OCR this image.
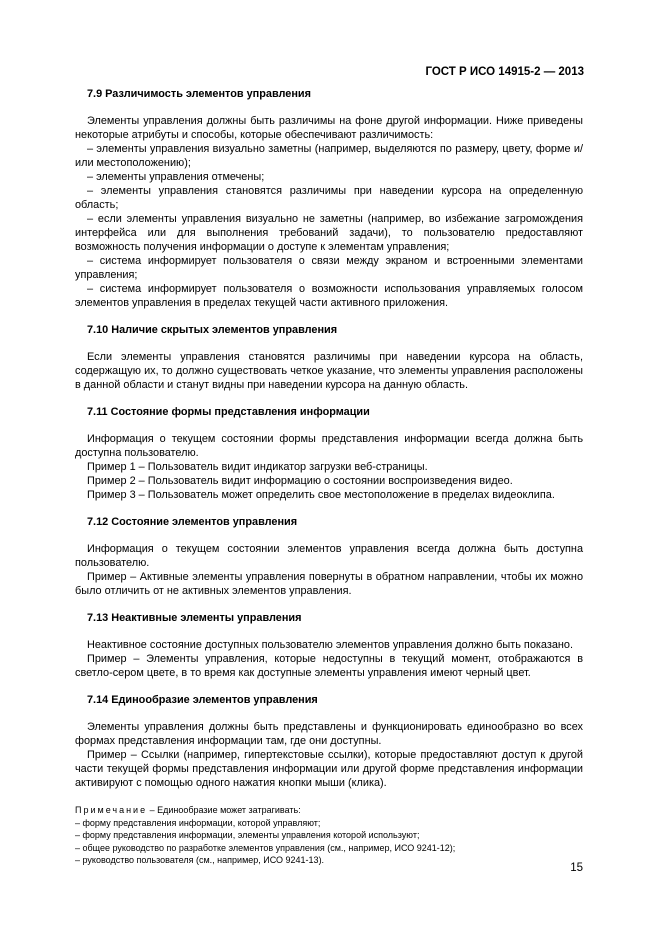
ГОСТ Р ИСО 14915-2 — 2013
7.9 Различимость элементов управления

Элементы управления должны быть различимы на фоне другой информации. Ниже приведены некоторые атрибуты и способы, которые обеспечивают различимость:

– элементы управления визуально заметны (например, выделяются по размеру, цвету, форме и/или местоположению);

– элементы управления отмечены;

– элементы управления становятся различимы при наведении курсора на определенную область;

– если элементы управления визуально не заметны (например, во избежание загромождения интерфейса или для выполнения требований задачи), то пользователю предоставляют возможность получения информации о доступе к элементам управления;

– система информирует пользователя о связи между экраном и встроенными элементами управления;

– система информирует пользователя о возможности использования управляемых голосом элементов управления в пределах текущей части активного приложения.

7.10 Наличие скрытых элементов управления

Если элементы управления становятся различимы при наведении курсора на область, содержащую их, то должно существовать четкое указание, что элементы управления расположены в данной области и станут видны при наведении курсора на данную область.

7.11 Состояние формы представления информации

Информация о текущем состоянии формы представления информации всегда должна быть доступна пользователю.

Пример 1 – Пользователь видит индикатор загрузки веб-страницы.

Пример 2 – Пользователь видит информацию о состоянии воспроизведения видео.

Пример 3 – Пользователь может определить свое местоположение в пределах видеоклипа.

7.12 Состояние элементов управления

Информация о текущем состоянии элементов управления всегда должна быть доступна пользователю.

Пример – Активные элементы управления повернуты в обратном направлении, чтобы их можно было отличить от не активных элементов управления.

7.13 Неактивные элементы управления

Неактивное состояние доступных пользователю элементов управления должно быть показано.

Пример – Элементы управления, которые недоступны в текущий момент, отображаются в светло-сером цвете, в то время как доступные элементы управления имеют черный цвет.

7.14 Единообразие элементов управления

Элементы управления должны быть представлены и функционировать единообразно во всех формах представления информации там, где они доступны.

Пример – Ссылки (например, гипертекстовые ссылки), которые предоставляют доступ к другой части текущей формы представления информации или другой форме представления информации активируют с помощью одного нажатия кнопки мыши (клика).

Примечание – Единообразие может затрагивать:
– форму представления информации, которой управляют;
– форму представления информации, элементы управления которой используют;
– общее руководство по разработке элементов управления (см., например, ИСО 9241-12);
– руководство пользователя (см., например, ИСО 9241-13).
15
